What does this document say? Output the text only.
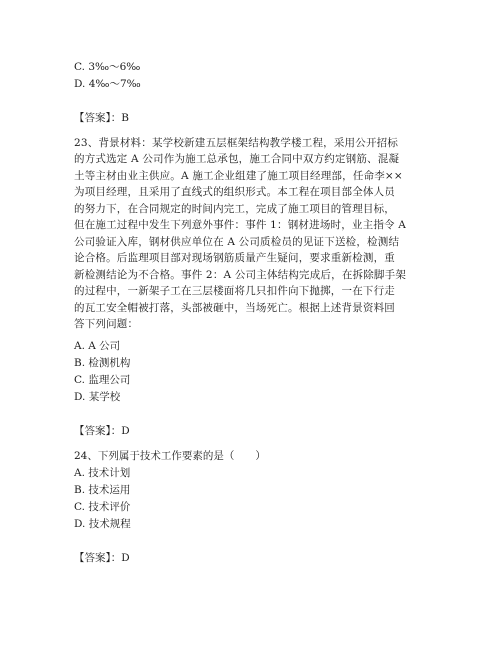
C. 3‰～6‰
D. 4‰～7‰
【答案】：B
23、背景材料：某学校新建五层框架结构教学楼工程，采用公开招标
的方式选定 A 公司作为施工总承包，施工合同中双方约定钢筋、混凝
土等主材由业主供应。A 施工企业组建了施工项目经理部，任命李××
为项目经理，且采用了直线式的组织形式。本工程在项目部全体人员
的努力下，在合同规定的时间内完工，完成了施工项目的管理目标，
但在施工过程中发生下列意外事件：事件 1：钢材进场时，业主指令 A
公司验证入库，钢材供应单位在 A 公司质检员的见证下送检，检测结
论合格。后监理项目部对现场钢筋质量产生疑问，要求重新检测，重
新检测结论为不合格。事件 2：A 公司主体结构完成后，在拆除脚手架
的过程中，一新架子工在三层楼面将几只扣件向下抛掷，一在下行走
的瓦工安全帽被打落，头部被砸中，当场死亡。根据上述背景资料回
答下列问题：
A. A 公司
B. 检测机构
C. 监理公司
D. 某学校
【答案】：D
24、下列属于技术工作要素的是（　　）
A. 技术计划
B. 技术运用
C. 技术评价
D. 技术规程
【答案】：D
